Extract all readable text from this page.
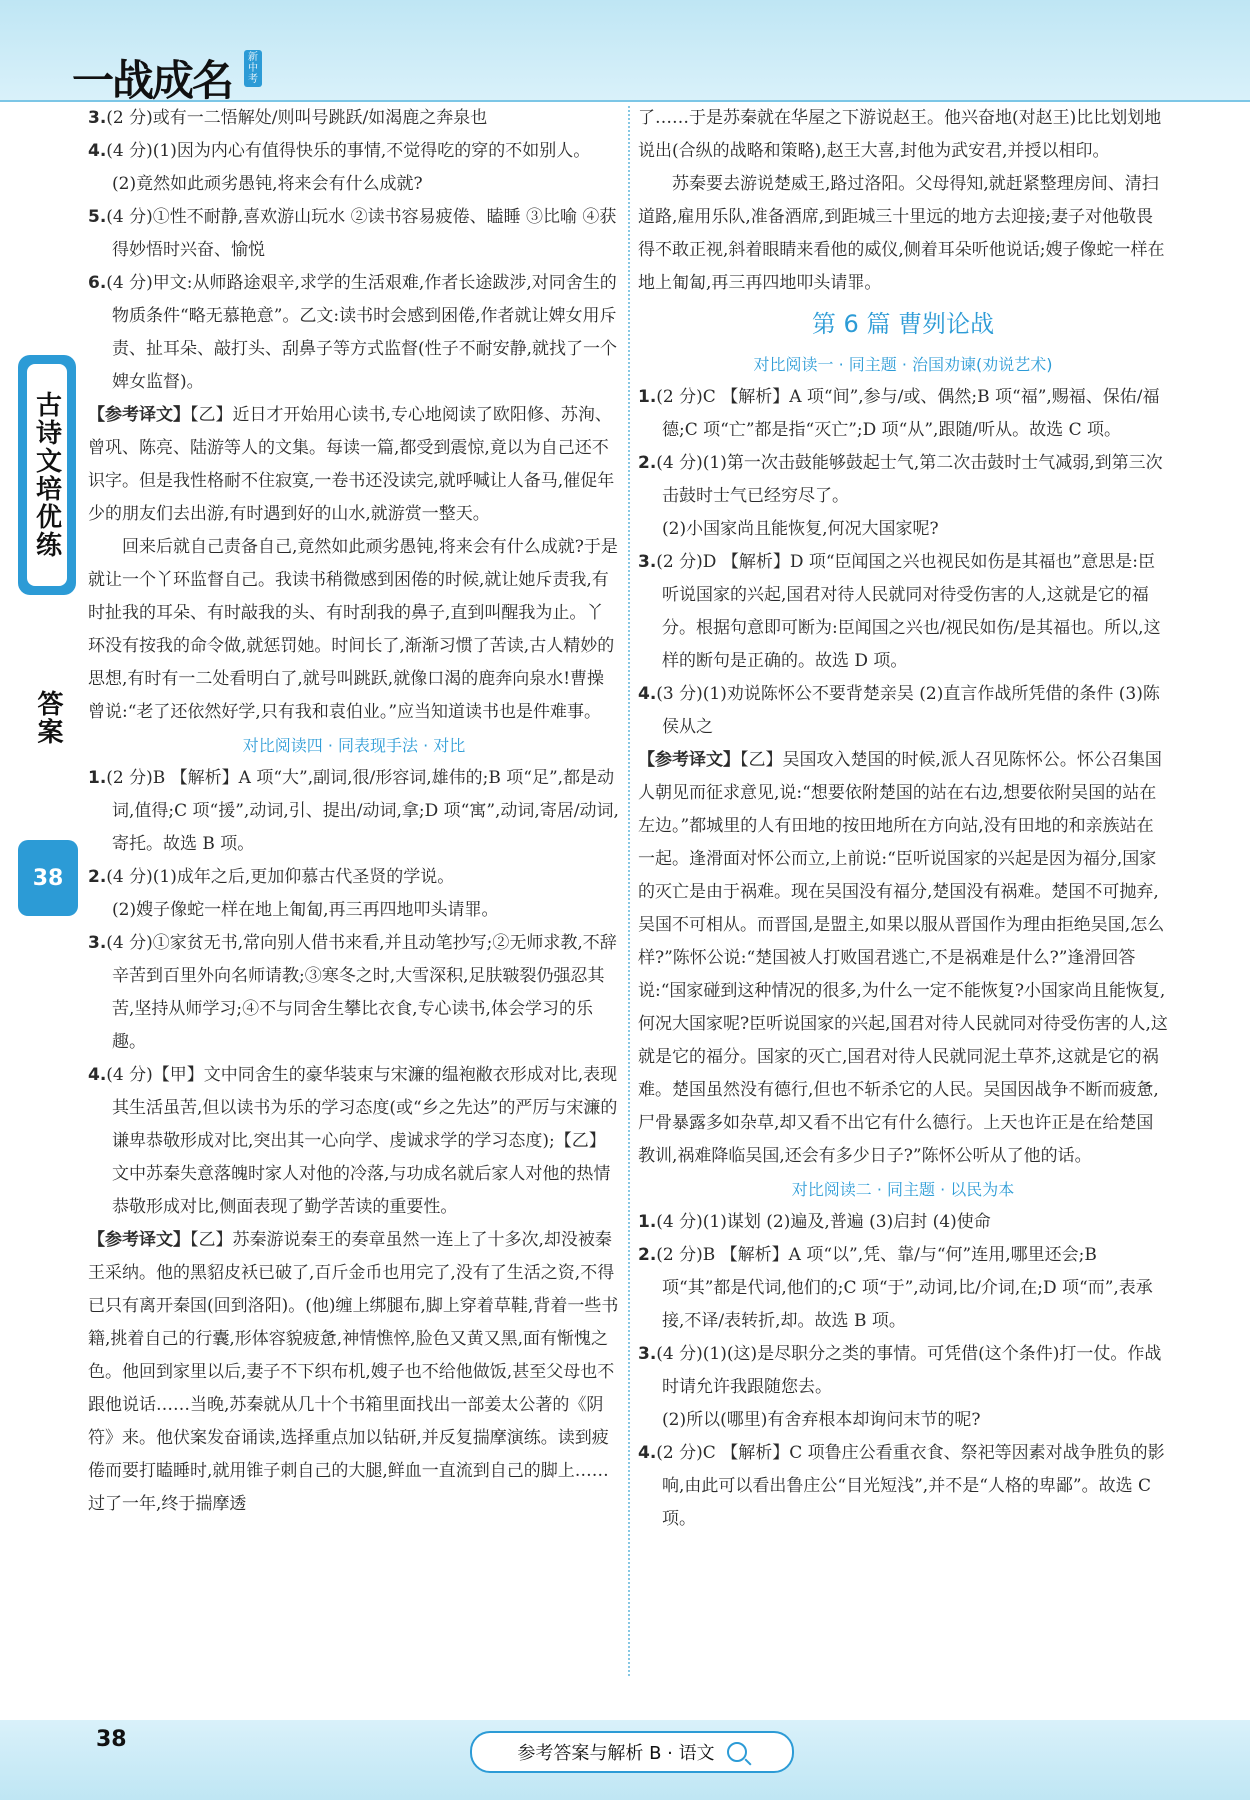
一战成名	新中考
古诗文培优练
答案
38

3.(2 分)或有一二悟解处/则叫号跳跃/如渴鹿之奔泉也

4.(4 分)(1)因为内心有值得快乐的事情,不觉得吃的穿的不如别人。

(2)竟然如此顽劣愚钝,将来会有什么成就?

5.(4 分)①性不耐静,喜欢游山玩水 ②读书容易疲倦、瞌睡 ③比喻 ④获得妙悟时兴奋、愉悦

6.(4 分)甲文:从师路途艰辛,求学的生活艰难,作者长途跋涉,对同舍生的物质条件“略无慕艳意”。乙文:读书时会感到困倦,作者就让婢女用斥责、扯耳朵、敲打头、刮鼻子等方式监督(性子不耐安静,就找了一个婢女监督)。

【参考译文】【乙】近日才开始用心读书,专心地阅读了欧阳修、苏洵、曾巩、陈亮、陆游等人的文集。每读一篇,都受到震惊,竟以为自己还不识字。但是我性格耐不住寂寞,一卷书还没读完,就呼喊让人备马,催促年少的朋友们去出游,有时遇到好的山水,就游赏一整天。

回来后就自己责备自己,竟然如此顽劣愚钝,将来会有什么成就?于是就让一个丫环监督自己。我读书稍微感到困倦的时候,就让她斥责我,有时扯我的耳朵、有时敲我的头、有时刮我的鼻子,直到叫醒我为止。丫环没有按我的命令做,就惩罚她。时间长了,渐渐习惯了苦读,古人精妙的思想,有时有一二处看明白了,就号叫跳跃,就像口渴的鹿奔向泉水!曹操曾说:“老了还依然好学,只有我和袁伯业。”应当知道读书也是件难事。

对比阅读四 · 同表现手法 · 对比

1.(2 分)B 【解析】A 项“大”,副词,很/形容词,雄伟的;B 项“足”,都是动词,值得;C 项“援”,动词,引、提出/动词,拿;D 项“寓”,动词,寄居/动词,寄托。故选 B 项。

2.(4 分)(1)成年之后,更加仰慕古代圣贤的学说。

(2)嫂子像蛇一样在地上匍匐,再三再四地叩头请罪。

3.(4 分)①家贫无书,常向别人借书来看,并且动笔抄写;②无师求教,不辞辛苦到百里外向名师请教;③寒冬之时,大雪深积,足肤皲裂仍强忍其苦,坚持从师学习;④不与同舍生攀比衣食,专心读书,体会学习的乐趣。

4.(4 分)【甲】文中同舍生的豪华装束与宋濂的缊袍敝衣形成对比,表现其生活虽苦,但以读书为乐的学习态度(或“乡之先达”的严厉与宋濂的谦卑恭敬形成对比,突出其一心向学、虔诚求学的学习态度);【乙】文中苏秦失意落魄时家人对他的冷落,与功成名就后家人对他的热情恭敬形成对比,侧面表现了勤学苦读的重要性。

【参考译文】【乙】苏秦游说秦王的奏章虽然一连上了十多次,却没被秦王采纳。他的黑貂皮袄已破了,百斤金币也用完了,没有了生活之资,不得已只有离开秦国(回到洛阳)。(他)缠上绑腿布,脚上穿着草鞋,背着一些书籍,挑着自己的行囊,形体容貌疲惫,神情憔悴,脸色又黄又黑,面有惭愧之色。他回到家里以后,妻子不下织布机,嫂子也不给他做饭,甚至父母也不跟他说话……当晚,苏秦就从几十个书箱里面找出一部姜太公著的《阴符》来。他伏案发奋诵读,选择重点加以钻研,并反复揣摩演练。读到疲倦而要打瞌睡时,就用锥子刺自己的大腿,鲜血一直流到自己的脚上……过了一年,终于揣摩透

了……于是苏秦就在华屋之下游说赵王。他兴奋地(对赵王)比比划划地说出(合纵的战略和策略),赵王大喜,封他为武安君,并授以相印。

苏秦要去游说楚威王,路过洛阳。父母得知,就赶紧整理房间、清扫道路,雇用乐队,准备酒席,到距城三十里远的地方去迎接;妻子对他敬畏得不敢正视,斜着眼睛来看他的威仪,侧着耳朵听他说话;嫂子像蛇一样在地上匍匐,再三再四地叩头请罪。

第 6 篇 曹刿论战

对比阅读一 · 同主题 · 治国劝谏(劝说艺术)

1.(2 分)C 【解析】A 项“间”,参与/或、偶然;B 项“福”,赐福、保佑/福德;C 项“亡”都是指“灭亡”;D 项“从”,跟随/听从。故选 C 项。

2.(4 分)(1)第一次击鼓能够鼓起士气,第二次击鼓时士气减弱,到第三次击鼓时士气已经穷尽了。

(2)小国家尚且能恢复,何况大国家呢?

3.(2 分)D 【解析】D 项“臣闻国之兴也视民如伤是其福也”意思是:臣听说国家的兴起,国君对待人民就同对待受伤害的人,这就是它的福分。根据句意即可断为:臣闻国之兴也/视民如伤/是其福也。所以,这样的断句是正确的。故选 D 项。

4.(3 分)(1)劝说陈怀公不要背楚亲吴 (2)直言作战所凭借的条件 (3)陈侯从之

【参考译文】【乙】吴国攻入楚国的时候,派人召见陈怀公。怀公召集国人朝见而征求意见,说:“想要依附楚国的站在右边,想要依附吴国的站在左边。”都城里的人有田地的按田地所在方向站,没有田地的和亲族站在一起。逢滑面对怀公而立,上前说:“臣听说国家的兴起是因为福分,国家的灭亡是由于祸难。现在吴国没有福分,楚国没有祸难。楚国不可抛弃,吴国不可相从。而晋国,是盟主,如果以服从晋国作为理由拒绝吴国,怎么样?”陈怀公说:“楚国被人打败国君逃亡,不是祸难是什么?”逢滑回答说:“国家碰到这种情况的很多,为什么一定不能恢复?小国家尚且能恢复,何况大国家呢?臣听说国家的兴起,国君对待人民就同对待受伤害的人,这就是它的福分。国家的灭亡,国君对待人民就同泥土草芥,这就是它的祸难。楚国虽然没有德行,但也不斩杀它的人民。吴国因战争不断而疲惫,尸骨暴露多如杂草,却又看不出它有什么德行。上天也许正是在给楚国教训,祸难降临吴国,还会有多少日子?”陈怀公听从了他的话。

对比阅读二 · 同主题 · 以民为本

1.(4 分)(1)谋划 (2)遍及,普遍 (3)启封 (4)使命

2.(2 分)B 【解析】A 项“以”,凭、靠/与“何”连用,哪里还会;B 项“其”都是代词,他们的;C 项“于”,动词,比/介词,在;D 项“而”,表承接,不译/表转折,却。故选 B 项。

3.(4 分)(1)(这)是尽职分之类的事情。可凭借(这个条件)打一仗。作战时请允许我跟随您去。

(2)所以(哪里)有舍弃根本却询问末节的呢?

4.(2 分)C 【解析】C 项鲁庄公看重衣食、祭祀等因素对战争胜负的影响,由此可以看出鲁庄公“目光短浅”,并不是“人格的卑鄙”。故选 C 项。

38
参考答案与解析 B · 语文
